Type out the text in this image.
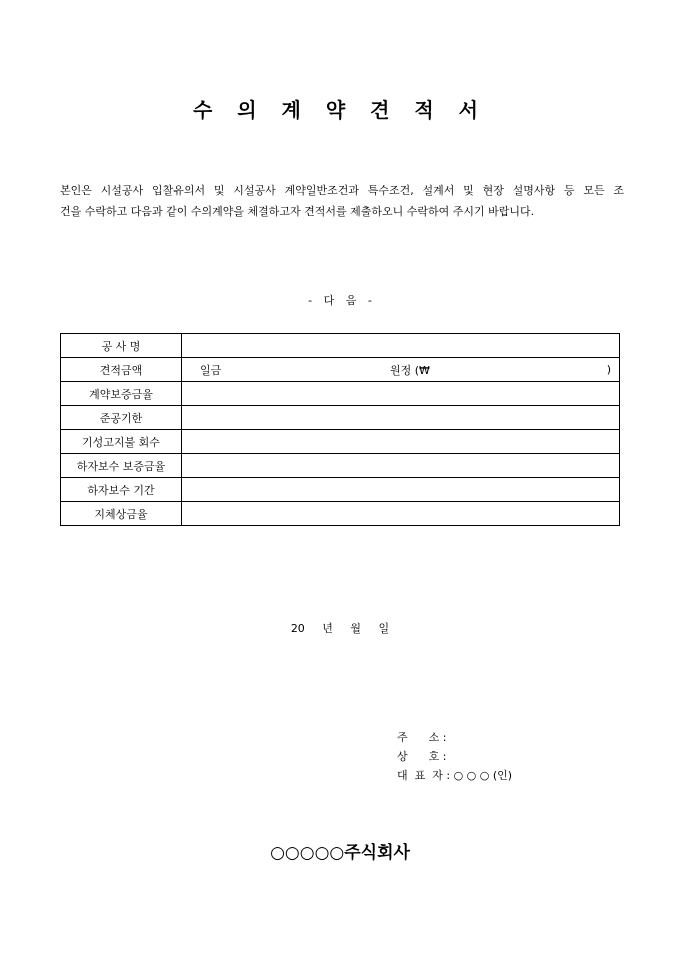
수 의 계 약 견 적 서

본인은 시설공사 입찰유의서 및 시설공사 계약일반조건과 특수조건, 설계서 및 현장 설명사항 등 모든 조
건을 수락하고 다음과 같이 수의계약을 체결하고자 견적서를 제출하오니 수락하여 주시기 바랍니다.

- 다 음 -
공 사 명	
견적금액	일금 원정 (₩ )

계약보증금율	
준공기한	
기성고지불 회수	
하자보수 보증금율	
하자보수 기간	
지체상금율	
20 년 월 일
주      소 :
상      호 :
대  표  자 : ○ ○ ○ (인)
○○○○○주식회사
